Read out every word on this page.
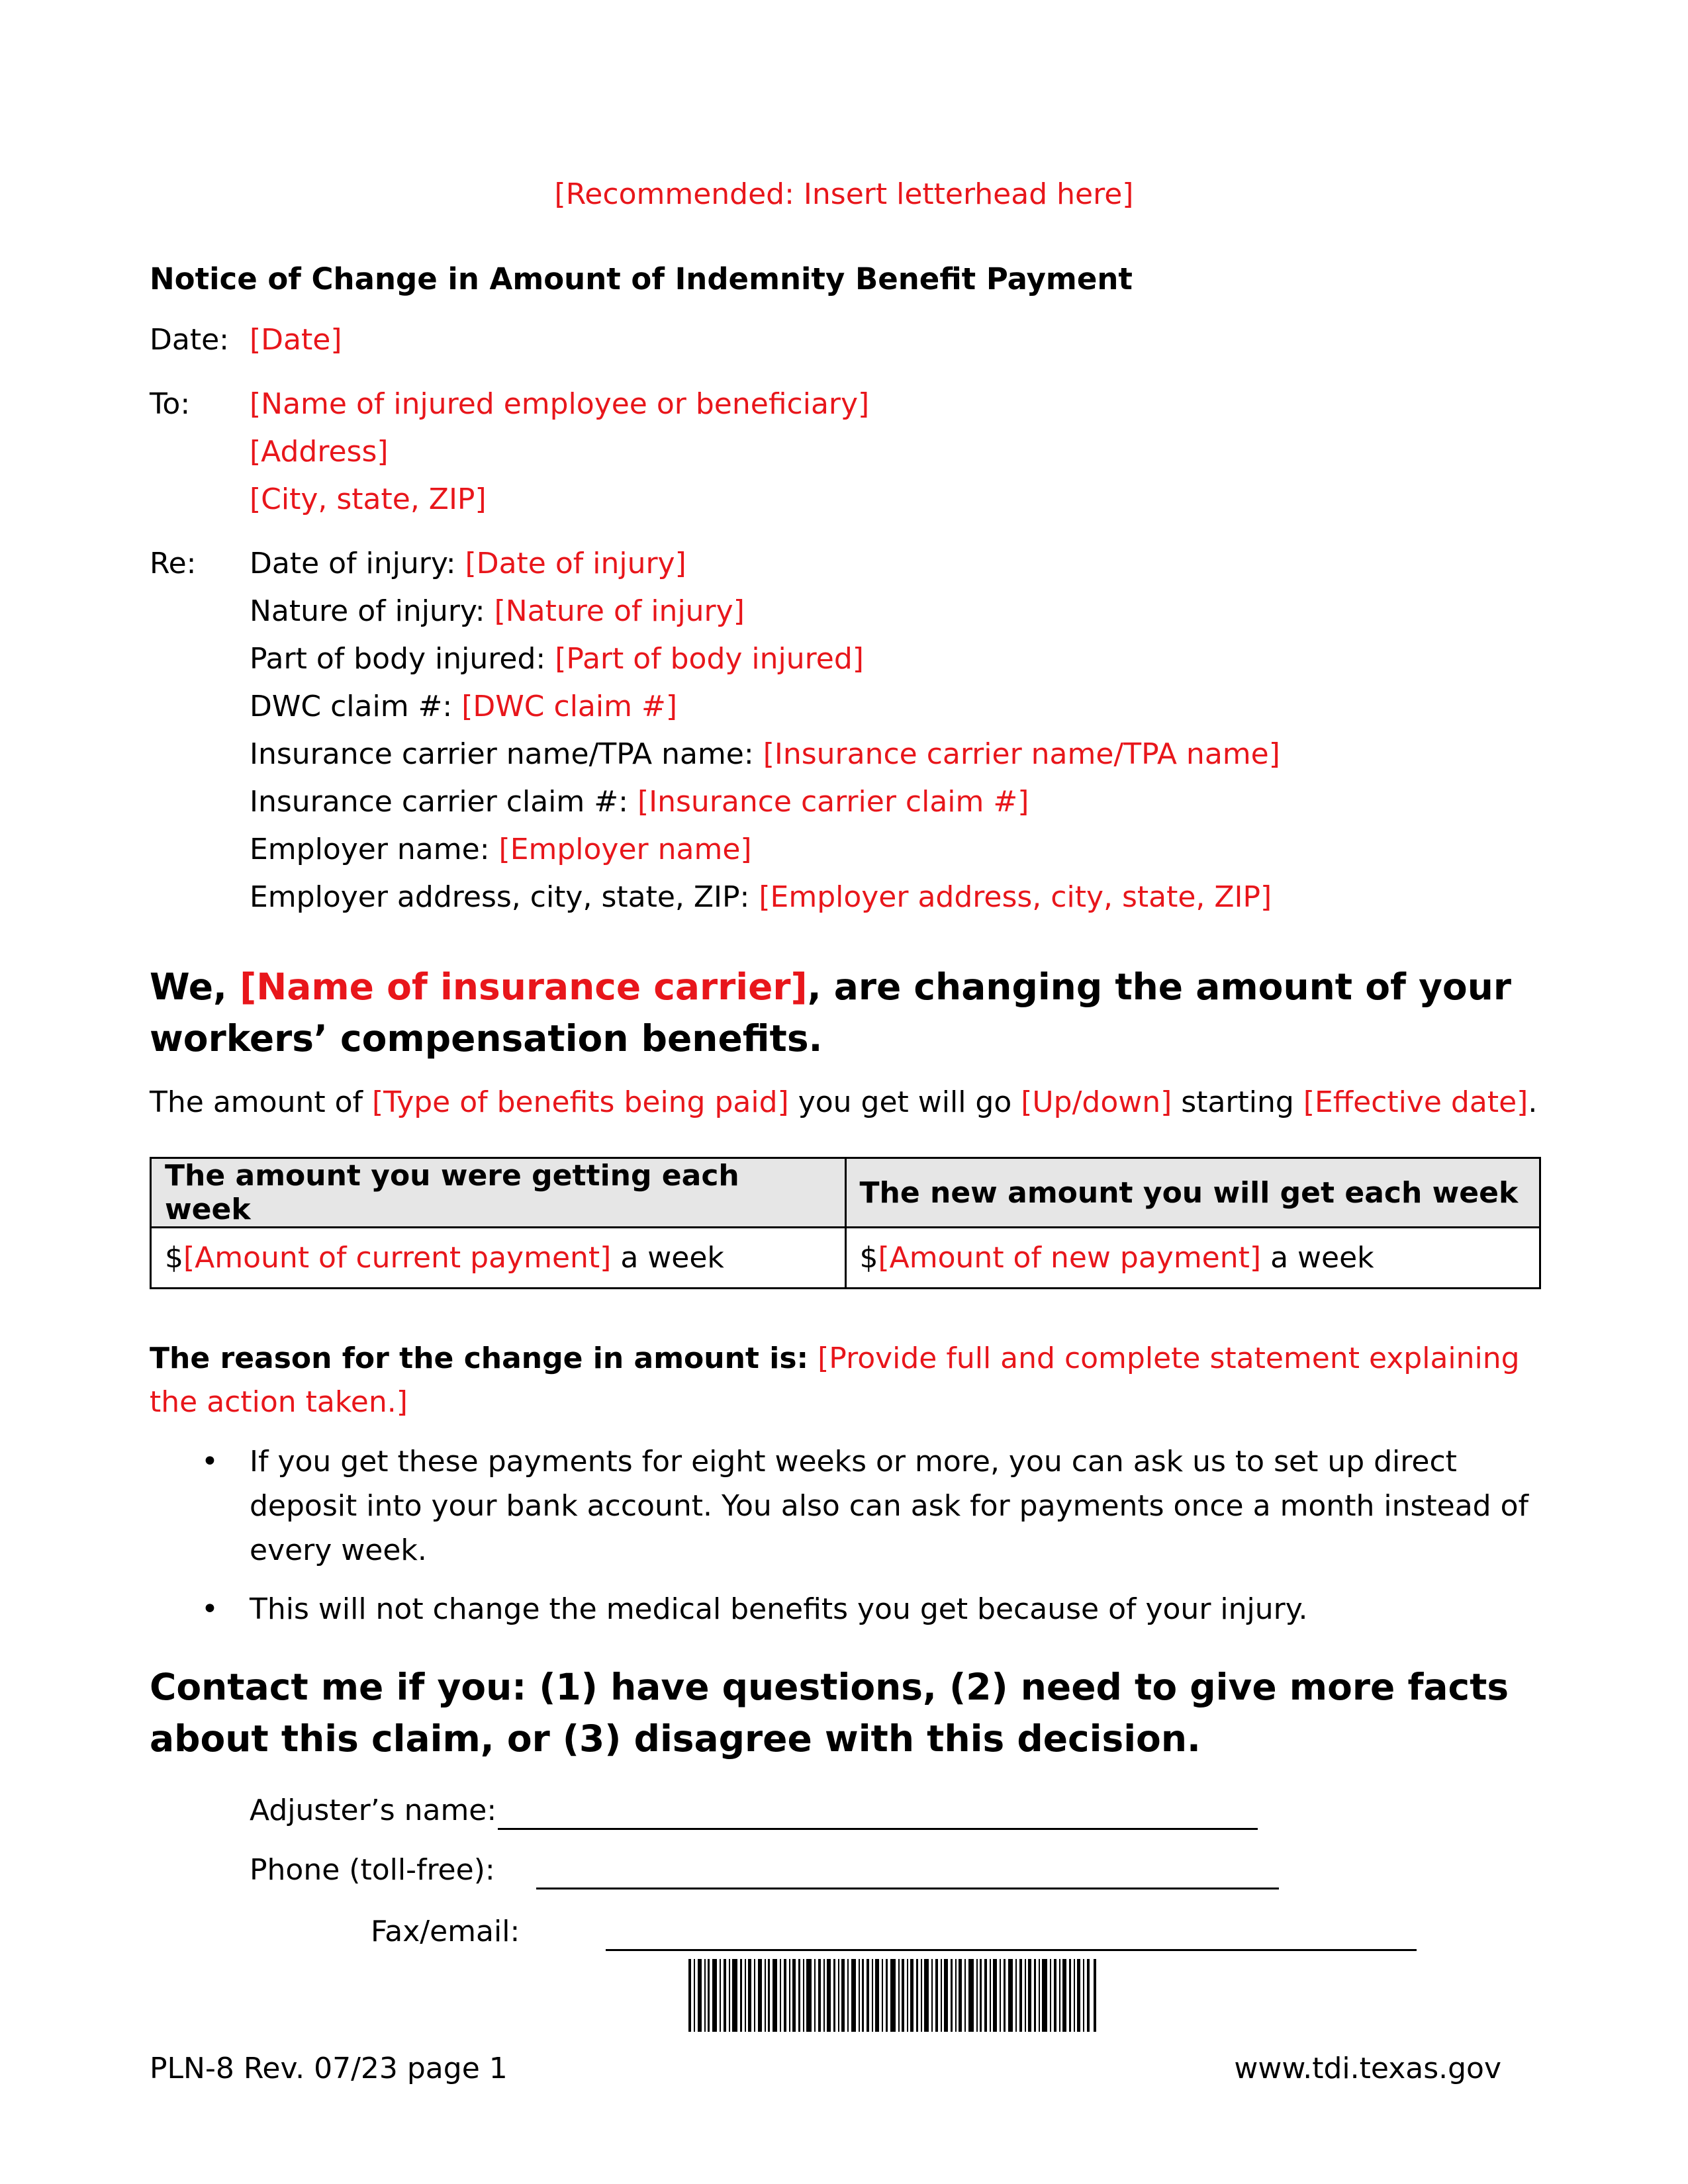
[Recommended: Insert letterhead here]
Notice of Change in Amount of Indemnity Benefit Payment
Date: [Date]
To: [Name of injured employee or beneficiary]
[Address]
[City, state, ZIP]
Re: Date of injury: [Date of injury]
Nature of injury: [Nature of injury]
Part of body injured: [Part of body injured]
DWC claim #: [DWC claim #]
Insurance carrier name/TPA name: [Insurance carrier name/TPA name]
Insurance carrier claim #: [Insurance carrier claim #]
Employer name: [Employer name]
Employer address, city, state, ZIP: [Employer address, city, state, ZIP]
We, [Name of insurance carrier], are changing the amount of your workers’ compensation benefits.
The amount of [Type of benefits being paid] you get will go [Up/down] starting [Effective date].
The amount you were getting each week	The new amount you will get each week
$[Amount of current payment] a week	$[Amount of new payment] a week
The reason for the change in amount is: [Provide full and complete statement explaining the action taken.]
• If you get these payments for eight weeks or more, you can ask us to set up direct deposit into your bank account. You also can ask for payments once a month instead of every week.
• This will not change the medical benefits you get because of your injury.
Contact me if you: (1) have questions, (2) need to give more facts about this claim, or (3) disagree with this decision.
Adjuster’s name:
Phone (toll-free):
Fax/email:
PLN-8 Rev. 07/23 page 1	www.tdi.texas.gov
